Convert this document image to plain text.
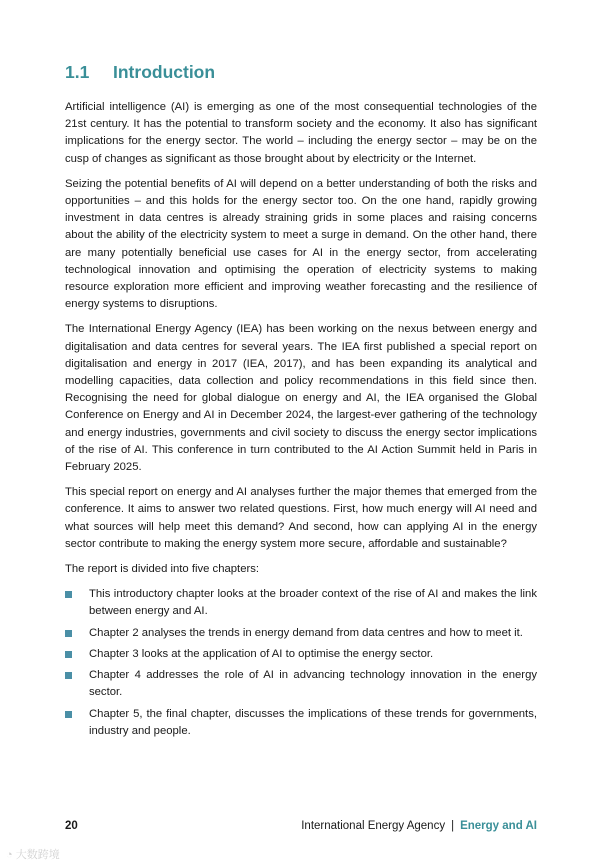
1.1	Introduction

Artificial intelligence (AI) is emerging as one of the most consequential technologies of the 21st century. It has the potential to transform society and the economy. It also has significant implications for the energy sector. The world – including the energy sector – may be on the cusp of changes as significant as those brought about by electricity or the Internet.

Seizing the potential benefits of AI will depend on a better understanding of both the risks and opportunities – and this holds for the energy sector too. On the one hand, rapidly growing investment in data centres is already straining grids in some places and raising concerns about the ability of the electricity system to meet a surge in demand. On the other hand, there are many potentially beneficial use cases for AI in the energy sector, from accelerating technological innovation and optimising the operation of electricity systems to making resource exploration more efficient and improving weather forecasting and the resilience of energy systems to disruptions.

The International Energy Agency (IEA) has been working on the nexus between energy and digitalisation and data centres for several years. The IEA first published a special report on digitalisation and energy in 2017 (IEA, 2017), and has been expanding its analytical and modelling capacities, data collection and policy recommendations in this field since then. Recognising the need for global dialogue on energy and AI, the IEA organised the Global Conference on Energy and AI in December 2024, the largest-ever gathering of the technology and energy industries, governments and civil society to discuss the energy sector implications of the rise of AI. This conference in turn contributed to the AI Action Summit held in Paris in February 2025.

This special report on energy and AI analyses further the major themes that emerged from the conference. It aims to answer two related questions. First, how much energy will AI need and what sources will help meet this demand? And second, how can applying AI in the energy sector contribute to making the energy system more secure, affordable and sustainable?

The report is divided into five chapters:

This introductory chapter looks at the broader context of the rise of AI and makes the link between energy and AI.
Chapter 2 analyses the trends in energy demand from data centres and how to meet it.
Chapter 3 looks at the application of AI to optimise the energy sector.
Chapter 4 addresses the role of AI in advancing technology innovation in the energy sector.
Chapter 5, the final chapter, discusses the implications of these trends for governments, industry and people.
20	International Energy Agency | Energy and AI
◔ 大数跨境
